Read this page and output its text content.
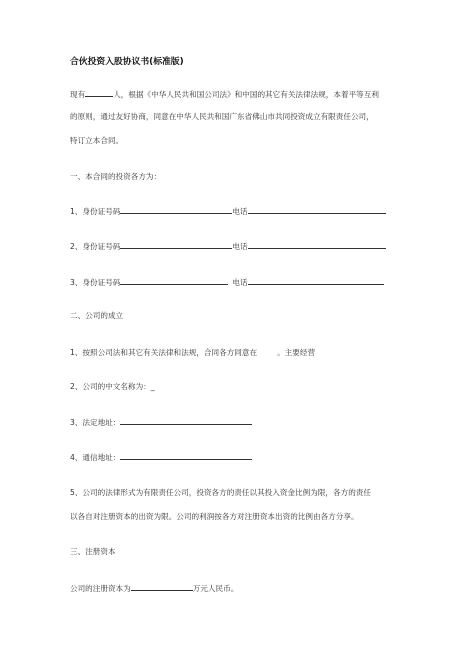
合伙投资入股协议书(标准版)
现有	人，根据《中华人民共和国公司法》和中国的其它有关法律法规，本着平等互利
的原则，通过友好协商，同意在中华人民共和国广东省佛山市共同投资成立有限责任公司，
特订立本合同。
一、本合同的投资各方为：
1、身份证号码	电话
2、身份证号码	电话
3、身份证号码	电话
二、公司的成立
1、按照公司法和其它有关法律和法规，合同各方同意在	。主要经营
2、公司的中文名称为：_
3、法定地址：
4、通信地址：
5、公司的法律形式为有限责任公司，投资各方的责任以其投入资金比例为限，各方的责任
以各自对注册资本的出资为限。公司的利润按各方对注册资本出资的比例由各方分享。
三、注册资本
公司的注册资本为	万元人民币。
